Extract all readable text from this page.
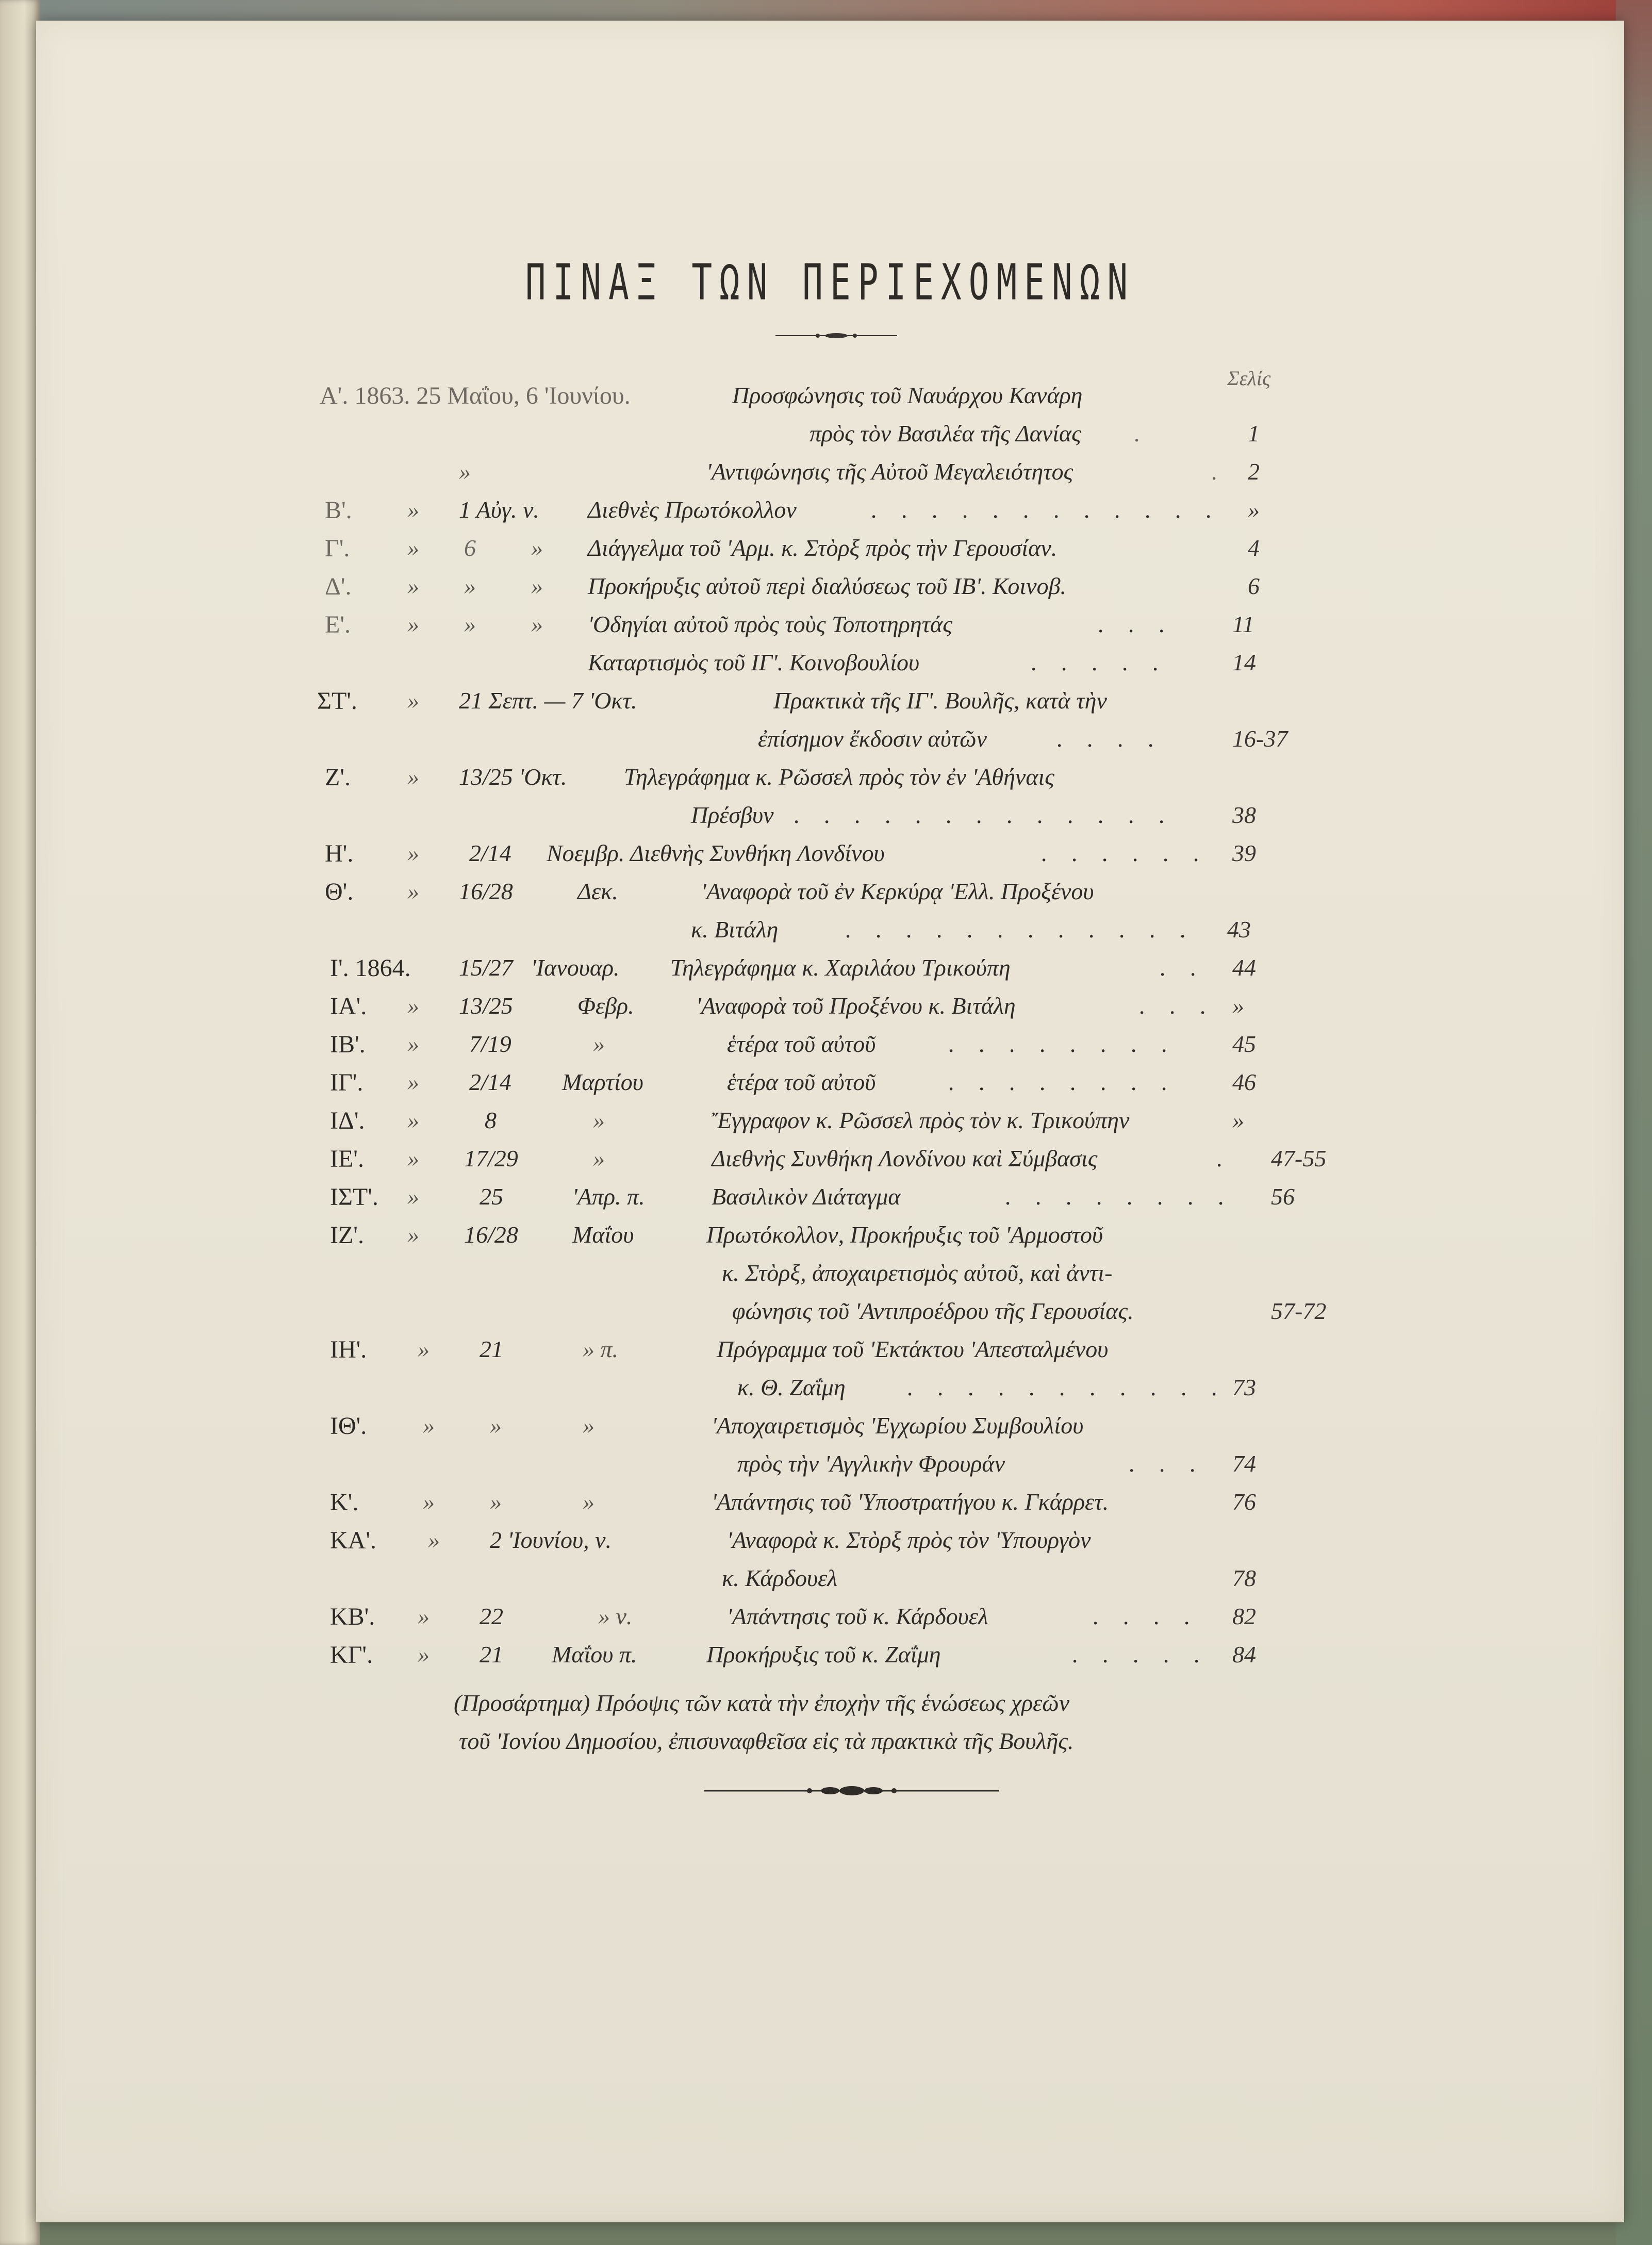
ΠΙΝΑΞ ΤΩΝ ΠΕΡΙΕΧΟΜΕΝΩΝ
Σελίς
Α'. 1863. 25 Μαΐου, 6 'Ιουνίου.	Προσφώνησις τοῦ Ναυάρχου Κανάρη
πρὸς τὸν Βασιλέα τῆς Δανίας	1
»	'Αντιφώνησις τῆς Αὐτοῦ Μεγαλειότητος	2
Β'. » 1 Αὐγ. ν. Διεθνὲς Πρωτόκολλον	»
Γ'. » 6 » Διάγγελμα τοῦ 'Αρμ. κ. Στὸρξ πρὸς τὴν Γερουσίαν.	4
Δ'. » » » Προκήρυξις αὐτοῦ περὶ διαλύσεως τοῦ ΙΒ'. Κοινοβ.	6
Ε'. » » » 'Οδηγίαι αὐτοῦ πρὸς τοὺς Τοποτηρητάς	11
Καταρτισμὸς τοῦ ΙΓ'. Κοινοβουλίου	14
ΣΤ'. » 21 Σεπτ. — 7 'Οκτ.	Πρακτικὰ τῆς ΙΓ'. Βουλῆς, κατὰ τὴν
ἐπίσημον ἔκδοσιν αὐτῶν	16-37
Ζ'. » 13/25 'Οκτ. Τηλεγράφημα κ. Ρῶσσελ πρὸς τὸν ἐν 'Αθήναις
Πρέσβυν	38
Η'. » 2/14 Νοεμβρ. Διεθνὴς Συνθήκη Λονδίνου	39
Θ'. » 16/28	Δεκ.	'Αναφορὰ τοῦ ἐν Κερκύρᾳ 'Ελλ. Προξένου
κ. Βιτάλη	43
Ι'. 1864. 15/27 'Ιανουαρ. Τηλεγράφημα κ. Χαριλάου Τρικούπη	44
ΙΑ'. » 13/25	Φεβρ.	'Αναφορὰ τοῦ Προξένου κ. Βιτάλη	»
ΙΒ'. » 7/19	»	ἑτέρα τοῦ αὐτοῦ	45
ΙΓ'. » 2/14 Μαρτίου	ἑτέρα τοῦ αὐτοῦ	46
ΙΔ'. »	8	»	Ἔγγραφον κ. Ρῶσσελ πρὸς τὸν κ. Τρικούπην	»
ΙΕ'. » 17/29	»	Διεθνὴς Συνθήκη Λονδίνου καὶ Σύμβασις	47-55
ΙΣΤ'. »	25	'Απρ. π.	Βασιλικὸν Διάταγμα	56
ΙΖ'. » 16/28 Μαΐου	Πρωτόκολλον, Προκήρυξις τοῦ 'Αρμοστοῦ
κ. Στὸρξ, ἀποχαιρετισμὸς αὐτοῦ, καὶ ἀντι-
φώνησις τοῦ 'Αντιπροέδρου τῆς Γερουσίας.	57-72
ΙΗ'. » 21	» π.	Πρόγραμμα τοῦ 'Εκτάκτου 'Απεσταλμένου
κ. Θ. Ζαΐμη	73
ΙΘ'. » »	»	'Αποχαιρετισμὸς 'Εγχωρίου Συμβουλίου
πρὸς τὴν 'Αγγλικὴν Φρουράν	74
Κ'.	» »	»	'Απάντησις τοῦ 'Υποστρατήγου κ. Γκάρρετ.	76
ΚΑ'. » 2 'Ιουνίου, ν.	'Αναφορὰ κ. Στὸρξ πρὸς τὸν 'Υπουργὸν
κ. Κάρδουελ	78
ΚΒ'. » 22	» ν.	'Απάντησις τοῦ κ. Κάρδουελ	82
ΚΓ'. » 21 Μαΐου π.	Προκήρυξις τοῦ κ. Ζαΐμη	84
.
.
. . . . . . . . . . . .
. . .
. . . . .
. . . .
. . . . . . . . . . . . .
. . . . . .
. . . . . . . . . . . .
. .
. . .
. . . . . . . .
. . . . . . . .
.
. . . . . . . .
. . . . . . . . . . .
. . .
. . . .
. . . . .
(Προσάρτημα) Πρόοψις τῶν κατὰ τὴν ἐποχὴν τῆς ἑνώσεως χρεῶν
τοῦ 'Ιονίου Δημοσίου, ἐπισυναφθεῖσα εἰς τὰ πρακτικὰ τῆς Βουλῆς.
